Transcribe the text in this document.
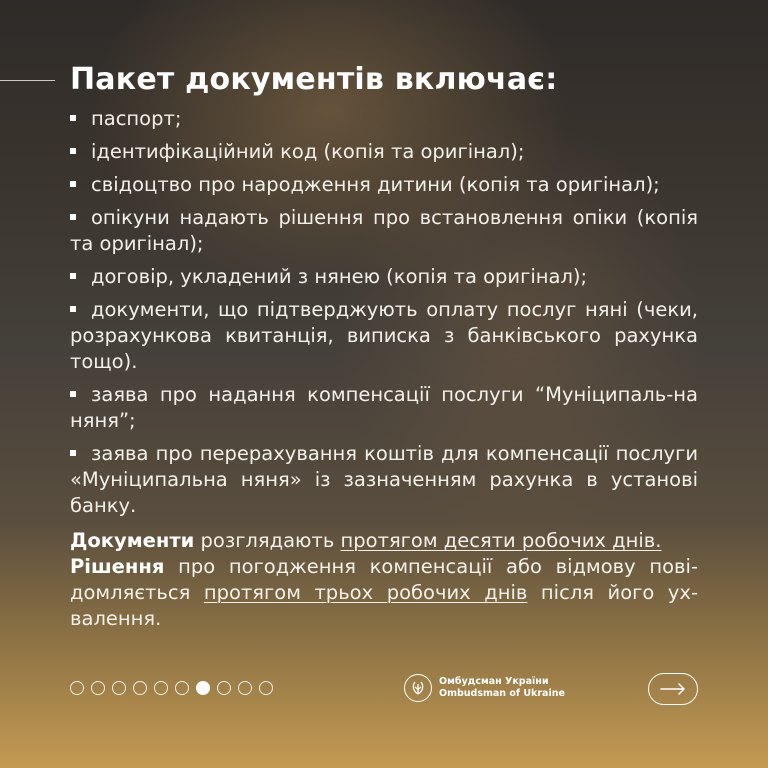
Пакет документів включає:
паспорт;
ідентифікаційний код (копія та оригінал);
свідоцтво про народження дитини (копія та оригінал);
опікуни надають рішення про встановлення опіки (копія та оригінал);
договір, укладений з нянею (копія та оригінал);
документи, що підтверджують оплату послуг няні (чеки, розрахункова квитанція, виписка з банківського рахунка тощо).
заява про надання компенсації послуги “Муніципаль-на няня”;
заява про перерахування коштів для компенсації послуги «Муніципальна няня» із зазначенням рахунка в установі банку.

Документи розглядають протягом десяти робочих днів.
Рішення про погодження компенсації або відмову пові-домляється протягом трьох робочих днів після його ух-валення.

Омбудсман України
Ombudsman of Ukraine
